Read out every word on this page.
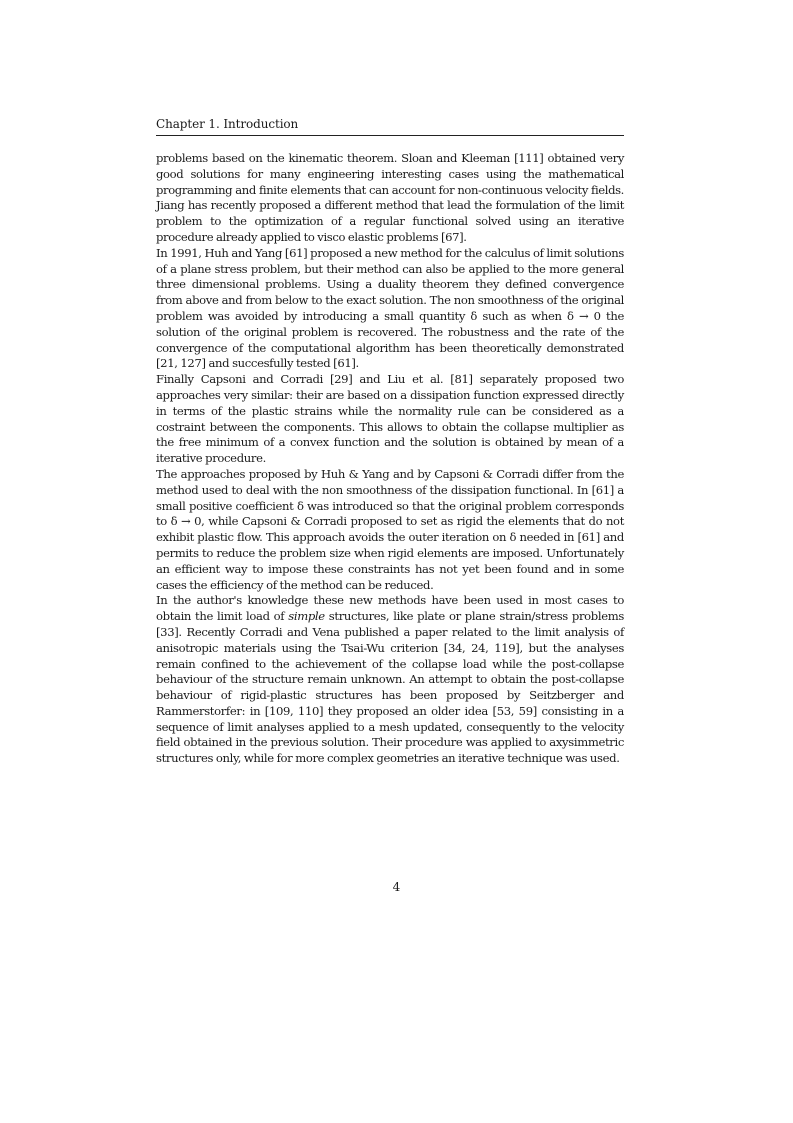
Chapter 1. Introduction

problems based on the kinematic theorem. Sloan and Kleeman [111] obtained very good solutions for many engineering interesting cases using the mathematical programming and finite elements that can account for non-continuous velocity fields. Jiang has recently proposed a different method that lead the formulation of the limit problem to the optimization of a regular functional solved using an iterative procedure already applied to visco elastic problems [67].

In 1991, Huh and Yang [61] proposed a new method for the calculus of limit solutions of a plane stress problem, but their method can also be applied to the more general three dimensional problems. Using a duality theorem they defined convergence from above and from below to the exact solution. The non smoothness of the original problem was avoided by introducing a small quantity δ such as when δ → 0 the solution of the original problem is recovered. The robustness and the rate of the convergence of the computational algorithm has been theoretically demonstrated [21, 127] and succesfully tested [61].

Finally Capsoni and Corradi [29] and Liu et al. [81] separately proposed two approaches very similar: their are based on a dissipation function expressed directly in terms of the plastic strains while the normality rule can be considered as a costraint between the components. This allows to obtain the collapse multiplier as the free minimum of a convex function and the solution is obtained by mean of a iterative procedure.

The approaches proposed by Huh & Yang and by Capsoni & Corradi differ from the method used to deal with the non smoothness of the dissipation functional. In [61] a small positive coefficient δ was introduced so that the original problem corresponds to δ → 0, while Capsoni & Corradi proposed to set as rigid the elements that do not exhibit plastic flow. This approach avoids the outer iteration on δ needed in [61] and permits to reduce the problem size when rigid elements are imposed. Unfortunately an efficient way to impose these constraints has not yet been found and in some cases the efficiency of the method can be reduced.

In the author's knowledge these new methods have been used in most cases to obtain the limit load of simple structures, like plate or plane strain/stress problems [33]. Recently Corradi and Vena published a paper related to the limit analysis of anisotropic materials using the Tsai-Wu criterion [34, 24, 119], but the analyses remain confined to the achievement of the collapse load while the post-collapse behaviour of the structure remain unknown. An attempt to obtain the post-collapse behaviour of rigid-plastic structures has been proposed by Seitzberger and Rammerstorfer: in [109, 110] they proposed an older idea [53, 59] consisting in a sequence of limit analyses applied to a mesh updated, consequently to the velocity field obtained in the previous solution. Their procedure was applied to axysimmetric structures only, while for more complex geometries an iterative technique was used.

4
